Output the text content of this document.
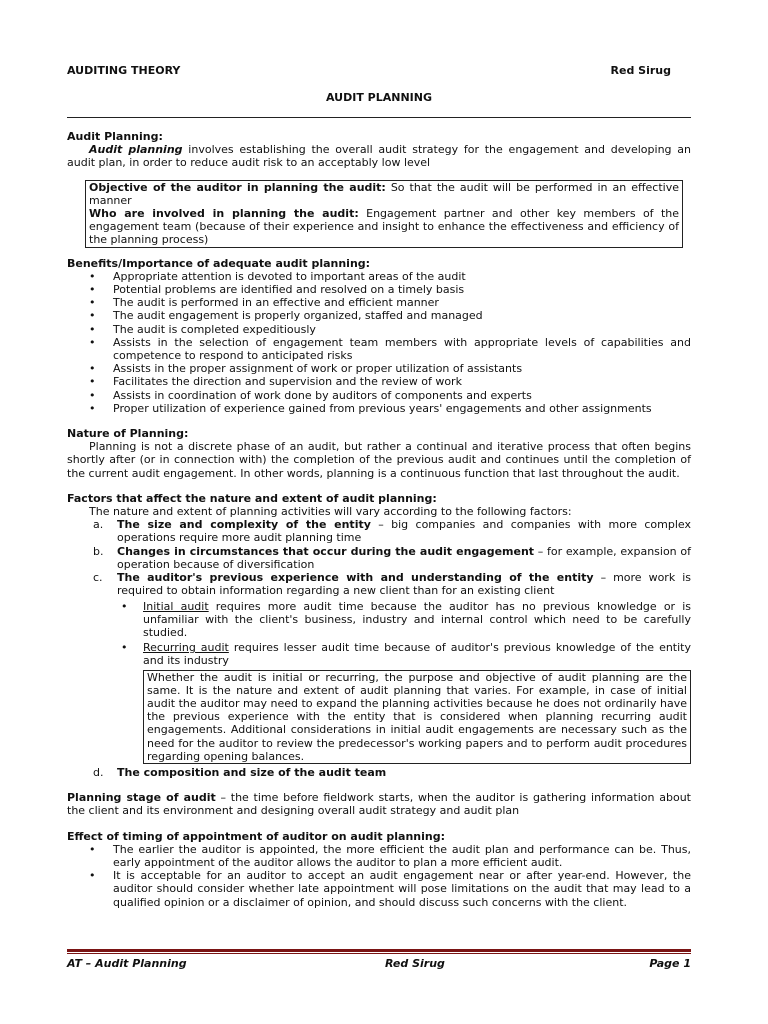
AUDITING THEORY	Red Sirug
AUDIT PLANNING
Audit Planning:

Audit planning involves establishing the overall audit strategy for the engagement and developing an audit plan, in order to reduce audit risk to an acceptably low level

Objective of the auditor in planning the audit: So that the audit will be performed in an effective manner

Who are involved in planning the audit: Engagement partner and other key members of the engagement team (because of their experience and insight to enhance the effectiveness and efficiency of the planning process)

Benefits/Importance of adequate audit planning:
• Appropriate attention is devoted to important areas of the audit
• Potential problems are identified and resolved on a timely basis
• The audit is performed in an effective and efficient manner
• The audit engagement is properly organized, staffed and managed
• The audit is completed expeditiously
• Assists in the selection of engagement team members with appropriate levels of capabilities and competence to respond to anticipated risks
• Assists in the proper assignment of work or proper utilization of assistants
• Facilitates the direction and supervision and the review of work
• Assists in coordination of work done by auditors of components and experts
• Proper utilization of experience gained from previous years' engagements and other assignments
Nature of Planning:

Planning is not a discrete phase of an audit, but rather a continual and iterative process that often begins shortly after (or in connection with) the completion of the previous audit and continues until the completion of the current audit engagement. In other words, planning is a continuous function that last throughout the audit.

Factors that affect the nature and extent of audit planning:

The nature and extent of planning activities will vary according to the following factors:

a. The size and complexity of the entity – big companies and companies with more complex operations require more audit planning time
b. Changes in circumstances that occur during the audit engagement – for example, expansion of operation because of diversification
c. The auditor's previous experience with and understanding of the entity – more work is required to obtain information regarding a new client than for an existing client
• Initial audit requires more audit time because the auditor has no previous knowledge or is unfamiliar with the client's business, industry and internal control which need to be carefully studied.
• Recurring audit requires lesser audit time because of auditor's previous knowledge of the entity and its industry

Whether the audit is initial or recurring, the purpose and objective of audit planning are the same. It is the nature and extent of audit planning that varies. For example, in case of initial audit the auditor may need to expand the planning activities because he does not ordinarily have the previous experience with the entity that is considered when planning recurring audit engagements. Additional considerations in initial audit engagements are necessary such as the need for the auditor to review the predecessor's working papers and to perform audit procedures regarding opening balances.

d. The composition and size of the audit team

Planning stage of audit – the time before fieldwork starts, when the auditor is gathering information about the client and its environment and designing overall audit strategy and audit plan

Effect of timing of appointment of auditor on audit planning:
• The earlier the auditor is appointed, the more efficient the audit plan and performance can be. Thus, early appointment of the auditor allows the auditor to plan a more efficient audit.
• It is acceptable for an auditor to accept an audit engagement near or after year-end. However, the auditor should consider whether late appointment will pose limitations on the audit that may lead to a qualified opinion or a disclaimer of opinion, and should discuss such concerns with the client.
AT – Audit Planning	Red Sirug	Page 1
